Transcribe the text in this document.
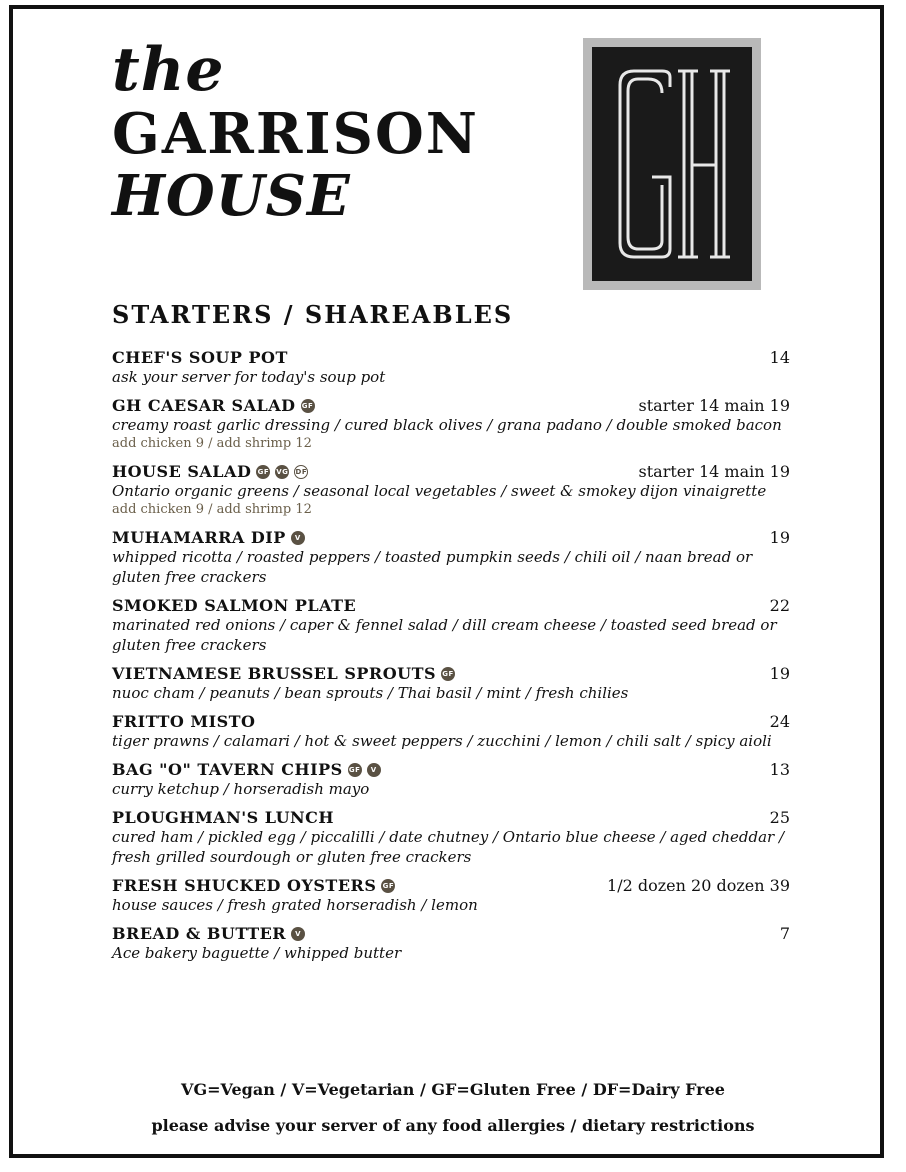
the
GARRISON
HOUSE
STARTERS / SHAREABLES
CHEF'S SOUP POT	14
ask your server for today's soup pot
GH CAESAR SALAD GF	starter 14 main 19
creamy roast garlic dressing / cured black olives / grana padano / double smoked bacon
add chicken 9 / add shrimp 12
HOUSE SALAD GF VG DF	starter 14 main 19
Ontario organic greens / seasonal local vegetables / sweet & smokey dijon vinaigrette
add chicken 9 / add shrimp 12
MUHAMARRA DIP	V	19
whipped ricotta / roasted peppers / toasted pumpkin seeds / chili oil / naan bread or gluten free crackers
SMOKED SALMON PLATE	22
marinated red onions / caper & fennel salad / dill cream cheese / toasted seed bread or gluten free crackers
VIETNAMESE BRUSSEL SPROUTS GF	19
nuoc cham / peanuts / bean sprouts / Thai basil / mint / fresh chilies
FRITTO MISTO	24
tiger prawns / calamari / hot & sweet peppers / zucchini / lemon / chili salt / spicy aioli
BAG "O" TAVERN CHIPS GF	V	13
curry ketchup / horseradish mayo
PLOUGHMAN'S LUNCH	25
cured ham / pickled egg / piccalilli / date chutney / Ontario blue cheese / aged cheddar / fresh grilled sourdough or gluten free crackers
FRESH SHUCKED OYSTERS GF	1/2 dozen 20 dozen 39
house sauces / fresh grated horseradish / lemon
BREAD & BUTTER	V	7
Ace bakery baguette / whipped butter
VG=Vegan / V=Vegetarian / GF=Gluten Free / DF=Dairy Free
please advise your server of any food allergies / dietary restrictions
